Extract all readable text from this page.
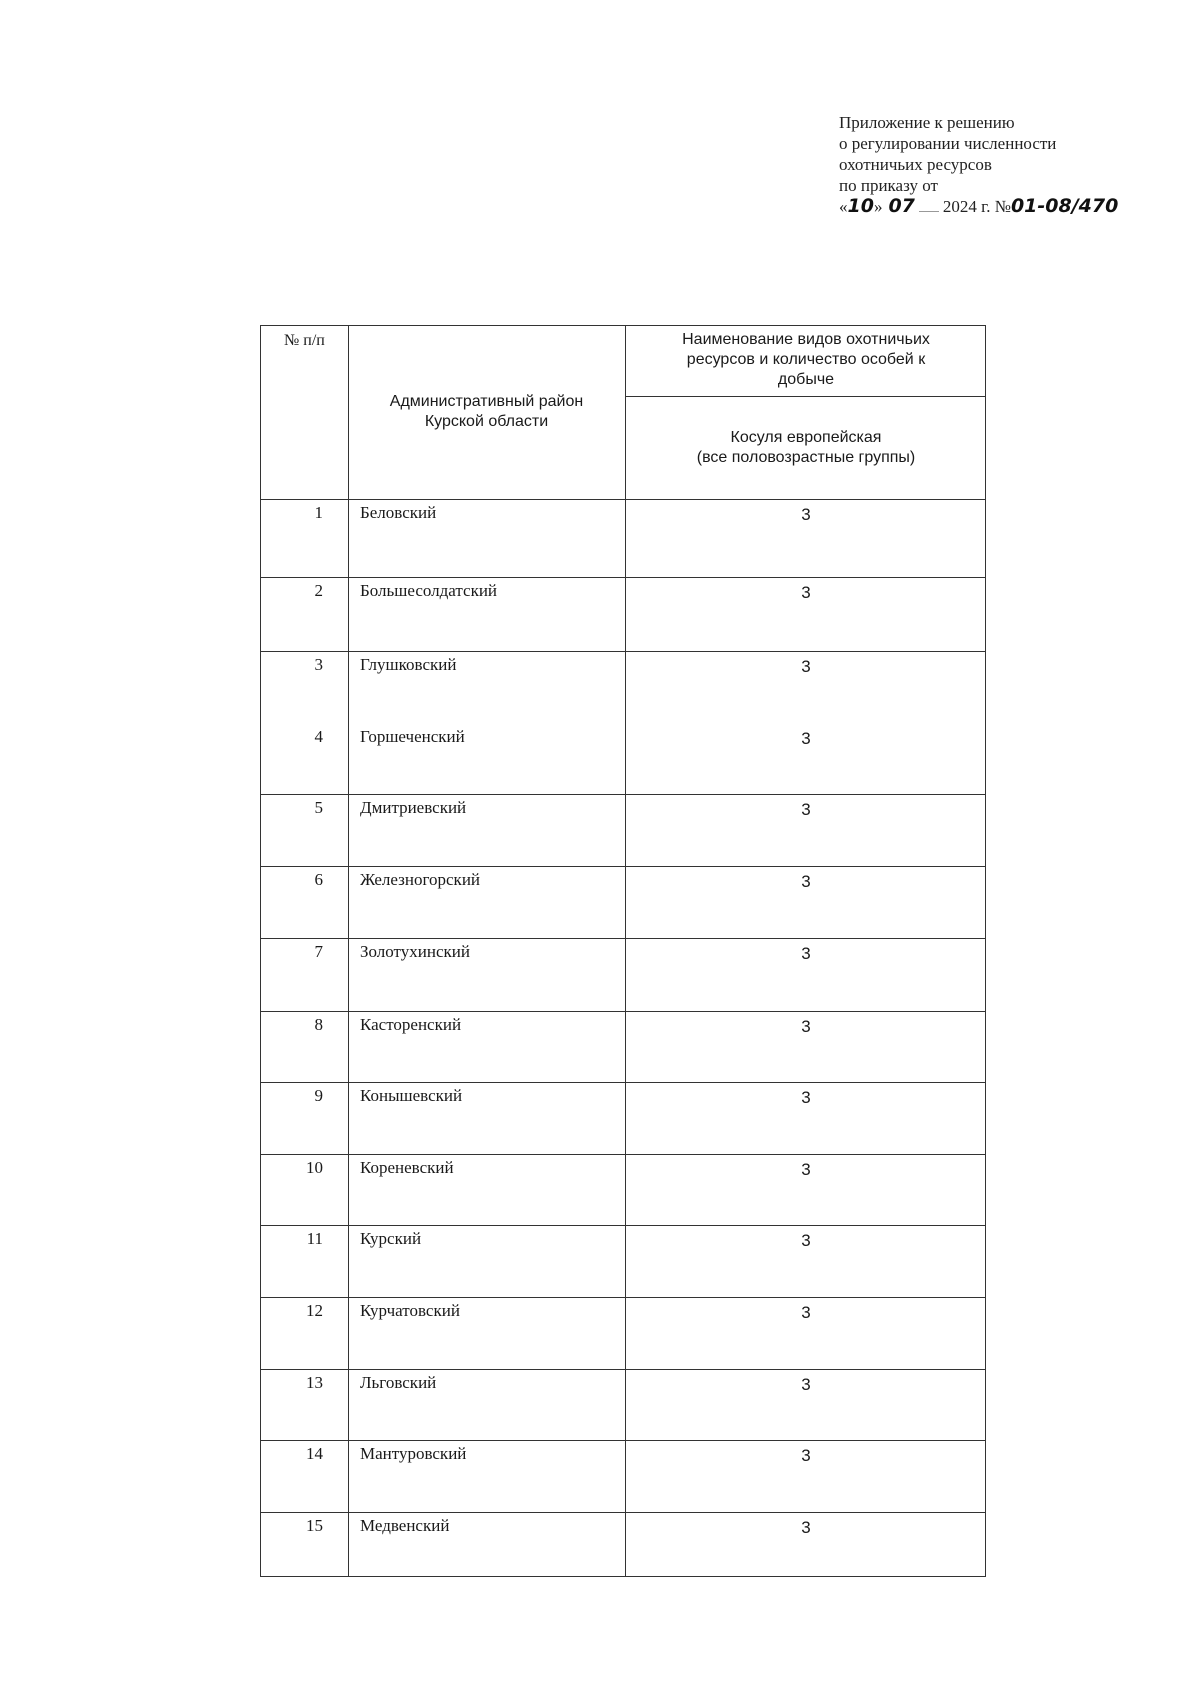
Приложение к решению
о регулировании численности
охотничьих ресурсов
по приказу от
« 10 » 07 2024 г. № 01-08/470
№ п/п
Административный район
Курской области
Наименование видов охотничьих
ресурсов и количество особей к
добыче
Косуля европейская
(все половозрастные группы)
1 Беловский	3
2 Большесолдатский	3
3 Глушковский	3
4 Горшеченский	3
5 Дмитриевский	3
6 Железногорский	3
7 Золотухинский	3
8 Касторенский	3
9 Конышевский	3
10 Кореневский	3
11 Курский	3
12 Курчатовский	3
13 Льговский	3
14 Мантуровский	3
15 Медвенский	3
